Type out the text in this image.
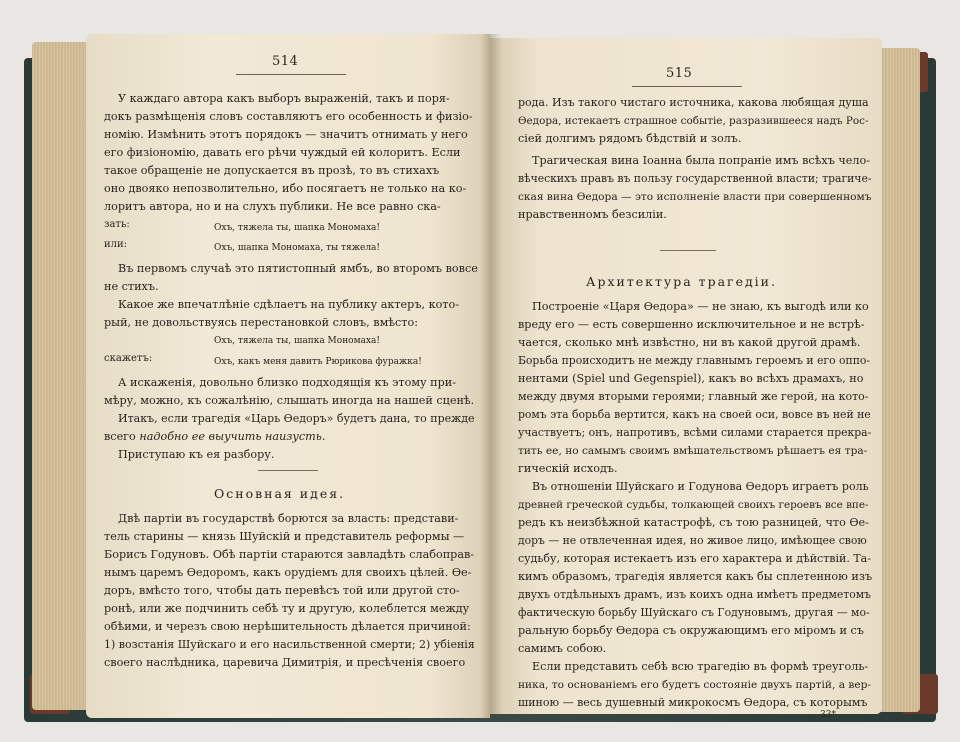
514
У каждаго автора какъ выборъ выраженій, такъ и поря-
докъ размѣщенія словъ составляютъ его особенность и физіо-
номію. Измѣнить этотъ порядокъ — значитъ отнимать у него
его физіономію, давать его рѣчи чуждый ей колоритъ. Если
такое обращеніе не допускается въ прозѣ, то въ стихахъ
оно двояко непозволительно, ибо посягаетъ не только на ко-
лоритъ автора, но и на слухъ публики. Не все равно ска-
зать:	Охъ, тяжела ты, шапка Мономаха!
или:	Охъ, шапка Мономаха, ты тяжела!
Въ первомъ случаѣ это пятистопный ямбъ, во второмъ вовсе
не стихъ.
Какое же впечатлѣніе сдѣлаетъ на публику актеръ, кото-
рый, не довольствуясь перестановкой словъ, вмѣсто:
Охъ, тяжела ты, шапка Мономаха!
скажетъ:	Охъ, какъ меня давитъ Рюрикова фуражка!
А искаженія, довольно близко подходящія къ этому при-
мѣру, можно, къ сожалѣнію, слышать иногда на нашей сценѣ.
Итакъ, если трагедія «Царь Ѳедоръ» будетъ дана, то прежде
всего надобно ее выучить наизусть.
Приступаю къ ея разбору.
Основная идея.
Двѣ партіи въ государствѣ борются за власть: представи-
тель старины — князь Шуйскій и представитель реформы —
Борисъ Годуновъ. Обѣ партіи стараются завладѣть слабоправ-
нымъ царемъ Ѳедоромъ, какъ орудіемъ для своихъ цѣлей. Ѳе-
доръ, вмѣсто того, чтобы дать перевѣсъ той или другой сто-
ронѣ, или же подчинить себѣ ту и другую, колеблется между
обѣими, и черезъ свою нерѣшительность дѣлается причиной:
1) возстанія Шуйскаго и его насильственной смерти; 2) убіенія
своего наслѣдника, царевича Димитрія, и пресѣченія своего
515
рода. Изъ такого чистаго источника, какова любящая душа
Ѳедора, истекаетъ страшное событіе, разразившееся надъ Рос-
сіей долгимъ рядомъ бѣдствій и золъ.
Трагическая вина Іоанна была попраніе имъ всѣхъ чело-
вѣческихъ правъ въ пользу государственной власти; трагиче-
ская вина Ѳедора — это исполненіе власти при совершенномъ
нравственномъ безсиліи.
Архитектура трагедіи.
Построеніе «Царя Ѳедора» — не знаю, къ выгодѣ или ко
вреду его — есть совершенно исключительное и не встрѣ-
чается, сколько мнѣ извѣстно, ни въ какой другой драмѣ.
Борьба происходитъ не между главнымъ героемъ и его оппо-
нентами (Spiel und Gegenspiel), какъ во всѣхъ драмахъ, но
между двумя вторыми героями; главный же герой, на кото-
ромъ эта борьба вертится, какъ на своей оси, вовсе въ ней не
участвуетъ; онъ, напротивъ, всѣми силами старается прекра-
тить ее, но самымъ своимъ вмѣшательствомъ рѣшаетъ ея тра-
гическій исходъ.
Въ отношеніи Шуйскаго и Годунова Ѳедоръ играетъ роль
древней греческой судьбы, толкающей своихъ героевъ все впе-
редъ къ неизбѣжной катастрофѣ, съ тою разницей, что Ѳе-
доръ — не отвлеченная идея, но живое лицо, имѣющее свою
судьбу, которая истекаетъ изъ его характера и дѣйствій. Та-
кимъ образомъ, трагедія является какъ бы сплетенною изъ
двухъ отдѣльныхъ драмъ, изъ коихъ одна имѣетъ предметомъ
фактическую борьбу Шуйскаго съ Годуновымъ, другая — мо-
ральную борьбу Ѳедора съ окружающимъ его міромъ и съ
самимъ собою.
Если представить себѣ всю трагедію въ формѣ треуголь-
ника, то основаніемъ его будетъ состояніе двухъ партій, а вер-
шиною — весь душевный микрокосмъ Ѳедора, съ которымъ
33*
